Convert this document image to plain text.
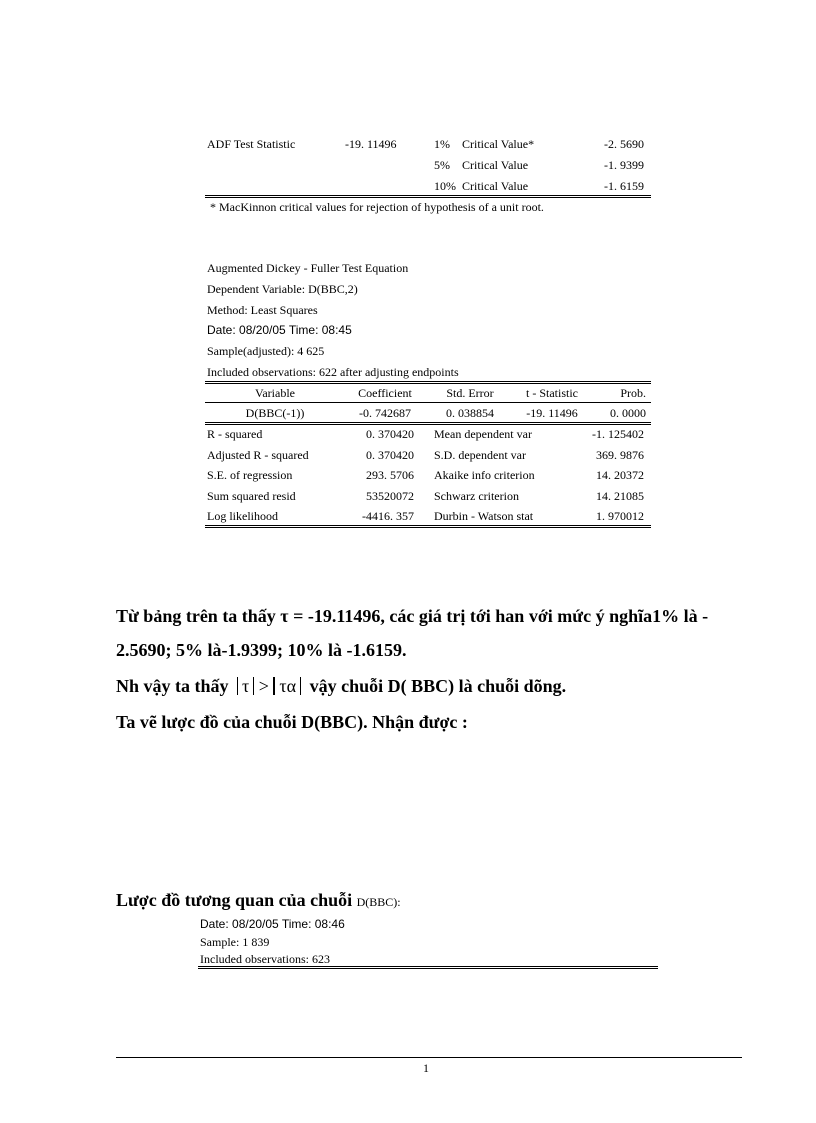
ADF Test Statistic	-19. 11496	1% Critical Value*	-2. 5690
5% Critical Value	-1. 9399
10% Critical Value	-1. 6159
* MacKinnon critical values for rejection of hypothesis of a unit root.
Augmented Dickey - Fuller Test Equation
Dependent Variable: D(BBC,2)
Method: Least Squares
Date: 08/20/05 Time: 08:45
Sample(adjusted): 4 625
Included observations: 622 after adjusting endpoints
Variable	Coefficient	Std. Error	t - Statistic	Prob.
D(BBC(-1))	-0. 742687	0. 038854	-19. 11496	0. 0000
R - squared	0. 370420 Mean dependent var	-1. 125402
Adjusted R - squared	0. 370420 S.D. dependent var	369. 9876
S.E. of regression	293. 5706 Akaike info criterion	14. 20372
Sum squared resid	53520072 Schwarz criterion	14. 21085
Log likelihood	-4416. 357 Durbin - Watson stat	1. 970012
Từ bảng trên ta thấy τ = -19.11496, các giá trị tới han với mức ý nghĩa1% là -
2.5690; 5% là-1.9399; 10% là -1.6159.
Nh vậy ta thấy τ > τα vậy chuỗi D( BBC) là chuỗi dõng.
Ta vẽ lược đồ của chuỗi D(BBC). Nhận được :
Lược đồ tương quan của chuỗi D(BBC):
Date: 08/20/05 Time: 08:46
Sample: 1 839
Included observations: 623
1
